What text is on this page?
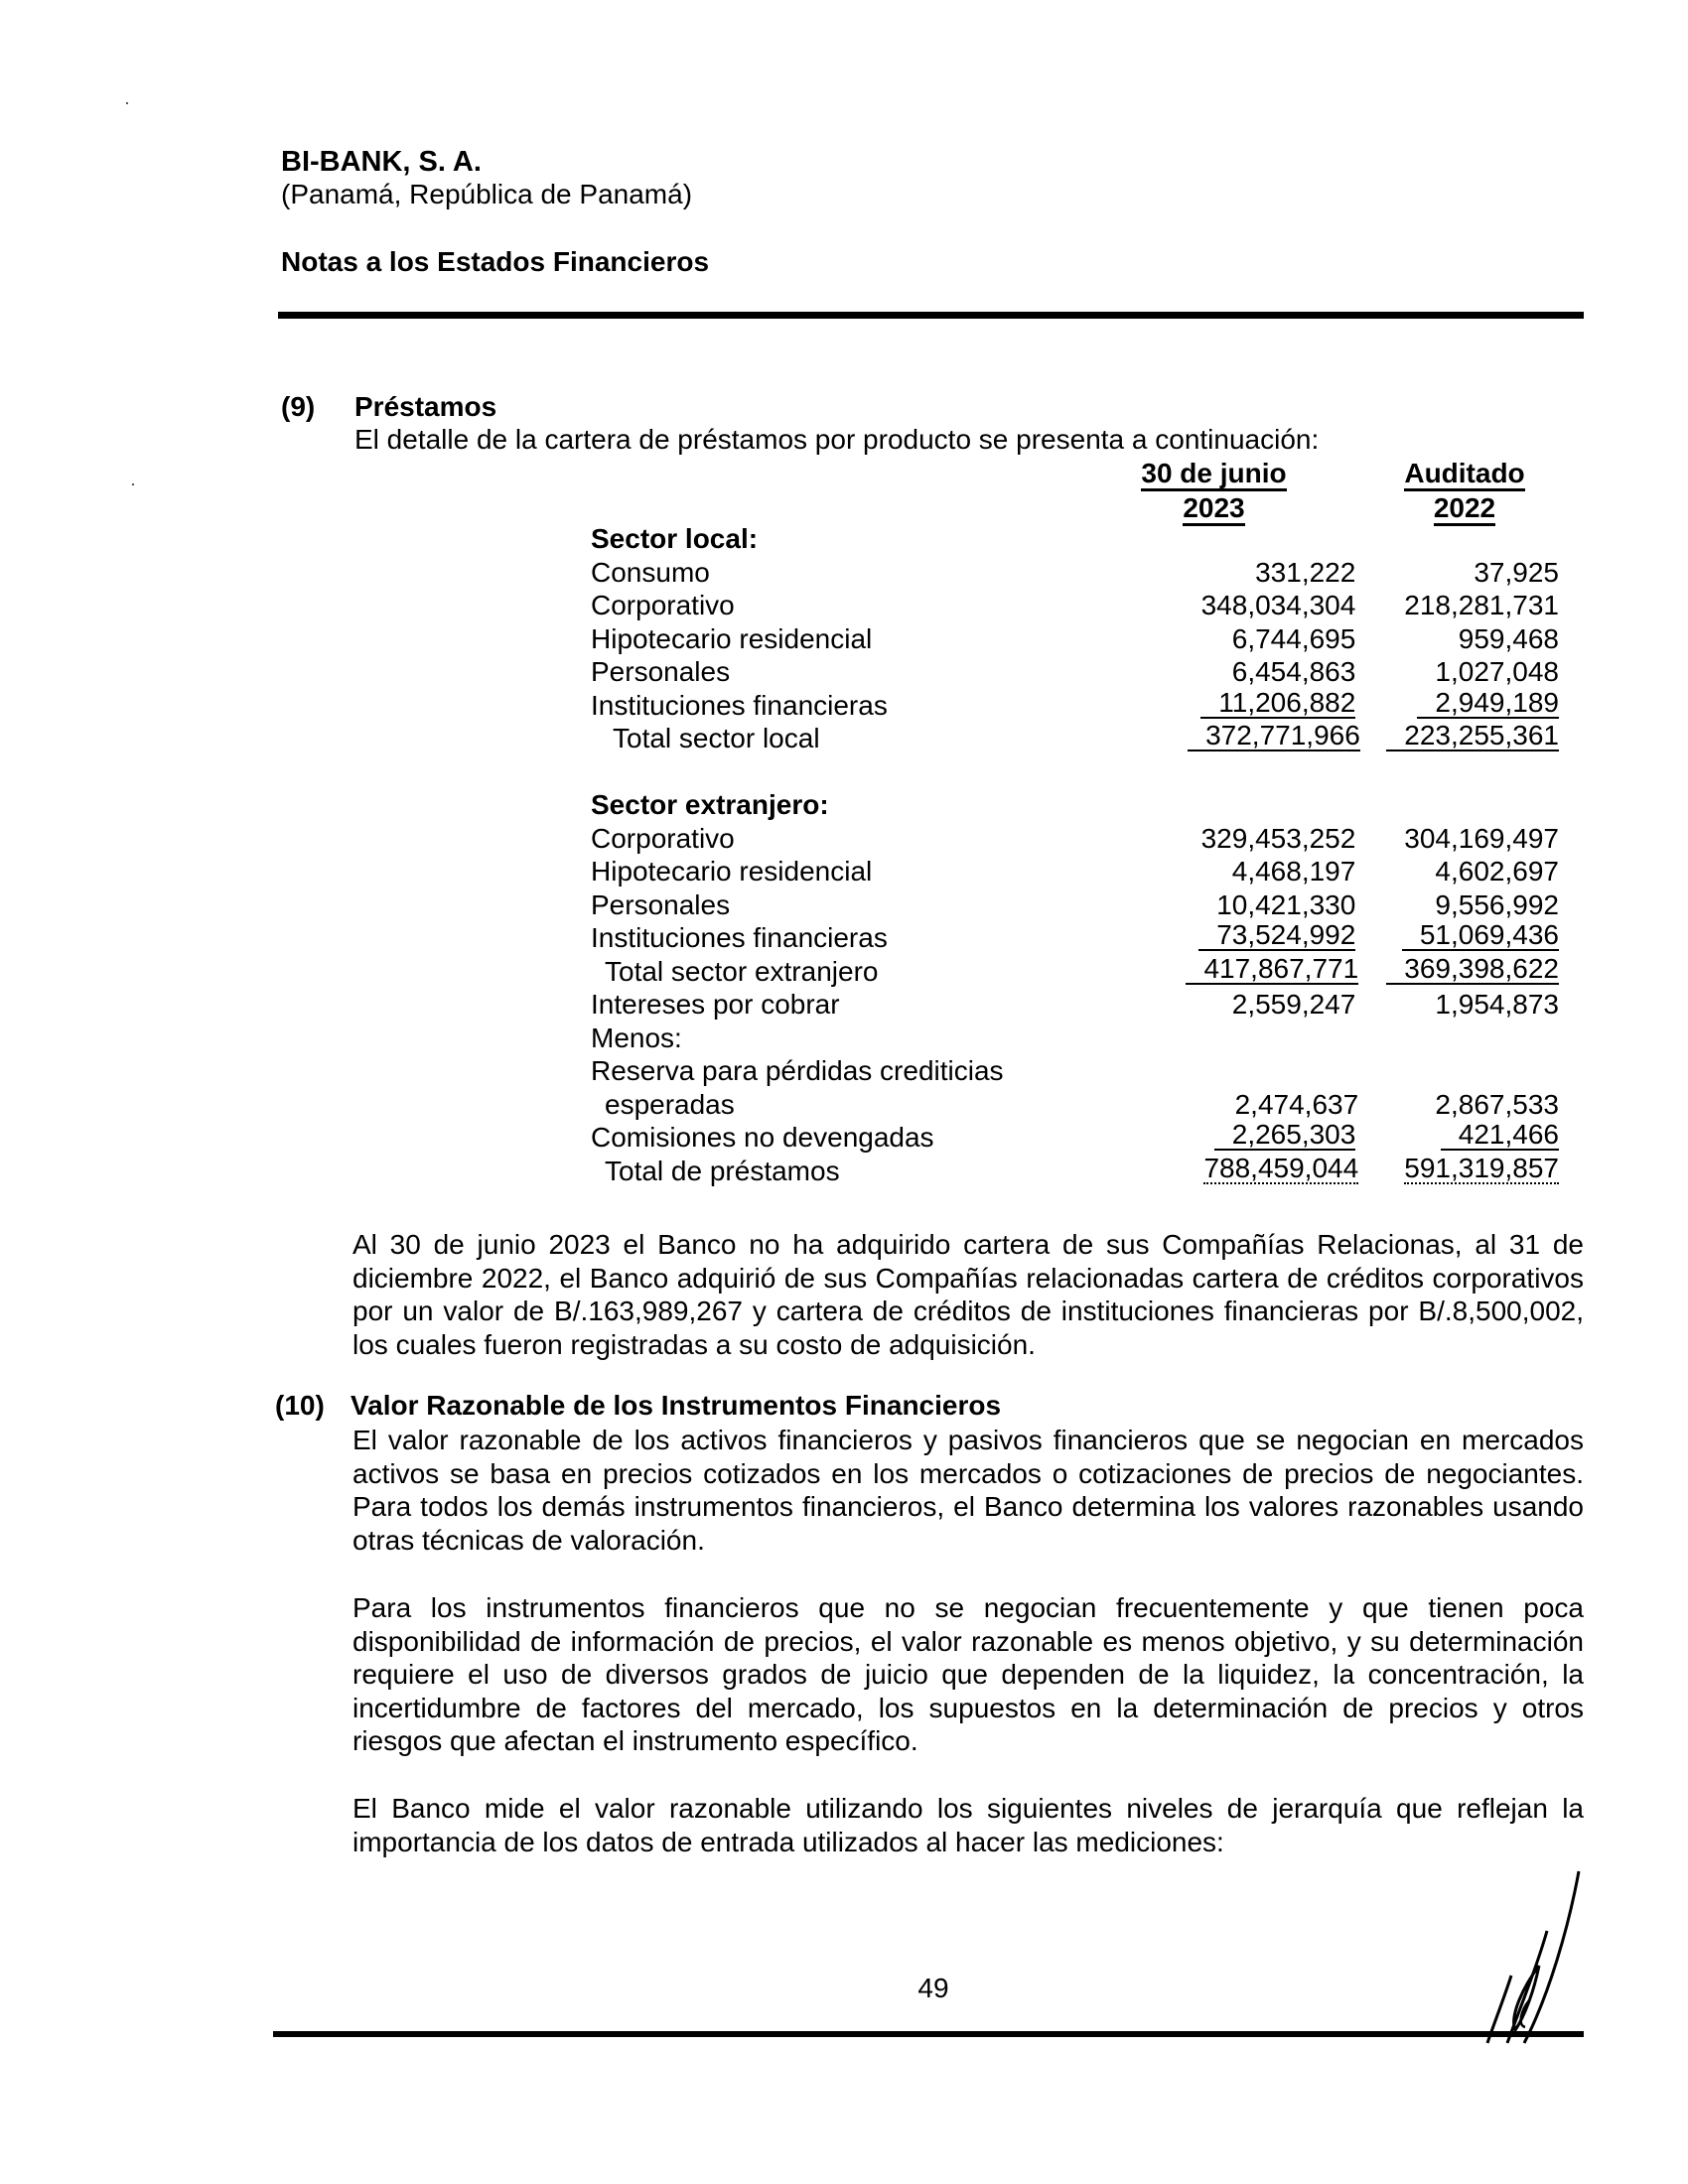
BI-BANK, S. A.
(Panamá, República de Panamá)
Notas a los Estados Financieros
(9) Préstamos
El detalle de la cartera de préstamos por producto se presenta a continuación:
30 de junio
2023
Auditado
2022
Sector local:
Consumo	331,222	37,925
Corporativo	348,034,304 218,281,731
Hipotecario residencial	6,744,695	959,468
Personales	6,454,863	1,027,048
Instituciones financieras	11,206,882	2,949,189
Total sector local	372,771,966	223,255,361
Sector extranjero:
Corporativo	329,453,252 304,169,497
Hipotecario residencial	4,468,197	4,602,697
Personales	10,421,330	9,556,992
Instituciones financieras	73,524,992	51,069,436
Total sector extranjero	417,867,771	369,398,622
Intereses por cobrar	2,559,247	1,954,873
Menos:
Reserva para pérdidas crediticias
esperadas	2,474,637	2,867,533
Comisiones no devengadas	2,265,303	421,466
Total de préstamos	788,459,044 591,319,857
Al 30 de junio 2023 el Banco no ha adquirido cartera de sus Compañías Relacionas, al 31 de diciembre 2022, el Banco adquirió de sus Compañías relacionadas cartera de créditos corporativos por un valor de B/.163,989,267 y cartera de créditos de instituciones financieras por B/.8,500,002, los cuales fueron registradas a su costo de adquisición.
(10) Valor Razonable de los Instrumentos Financieros
El valor razonable de los activos financieros y pasivos financieros que se negocian en mercados activos se basa en precios cotizados en los mercados o cotizaciones de precios de negociantes. Para todos los demás instrumentos financieros, el Banco determina los valores razonables usando otras técnicas de valoración.
Para los instrumentos financieros que no se negocian frecuentemente y que tienen poca disponibilidad de información de precios, el valor razonable es menos objetivo, y su determinación requiere el uso de diversos grados de juicio que dependen de la liquidez, la concentración, la incertidumbre de factores del mercado, los supuestos en la determinación de precios y otros riesgos que afectan el instrumento específico.
El Banco mide el valor razonable utilizando los siguientes niveles de jerarquía que reflejan la importancia de los datos de entrada utilizados al hacer las mediciones:
49
